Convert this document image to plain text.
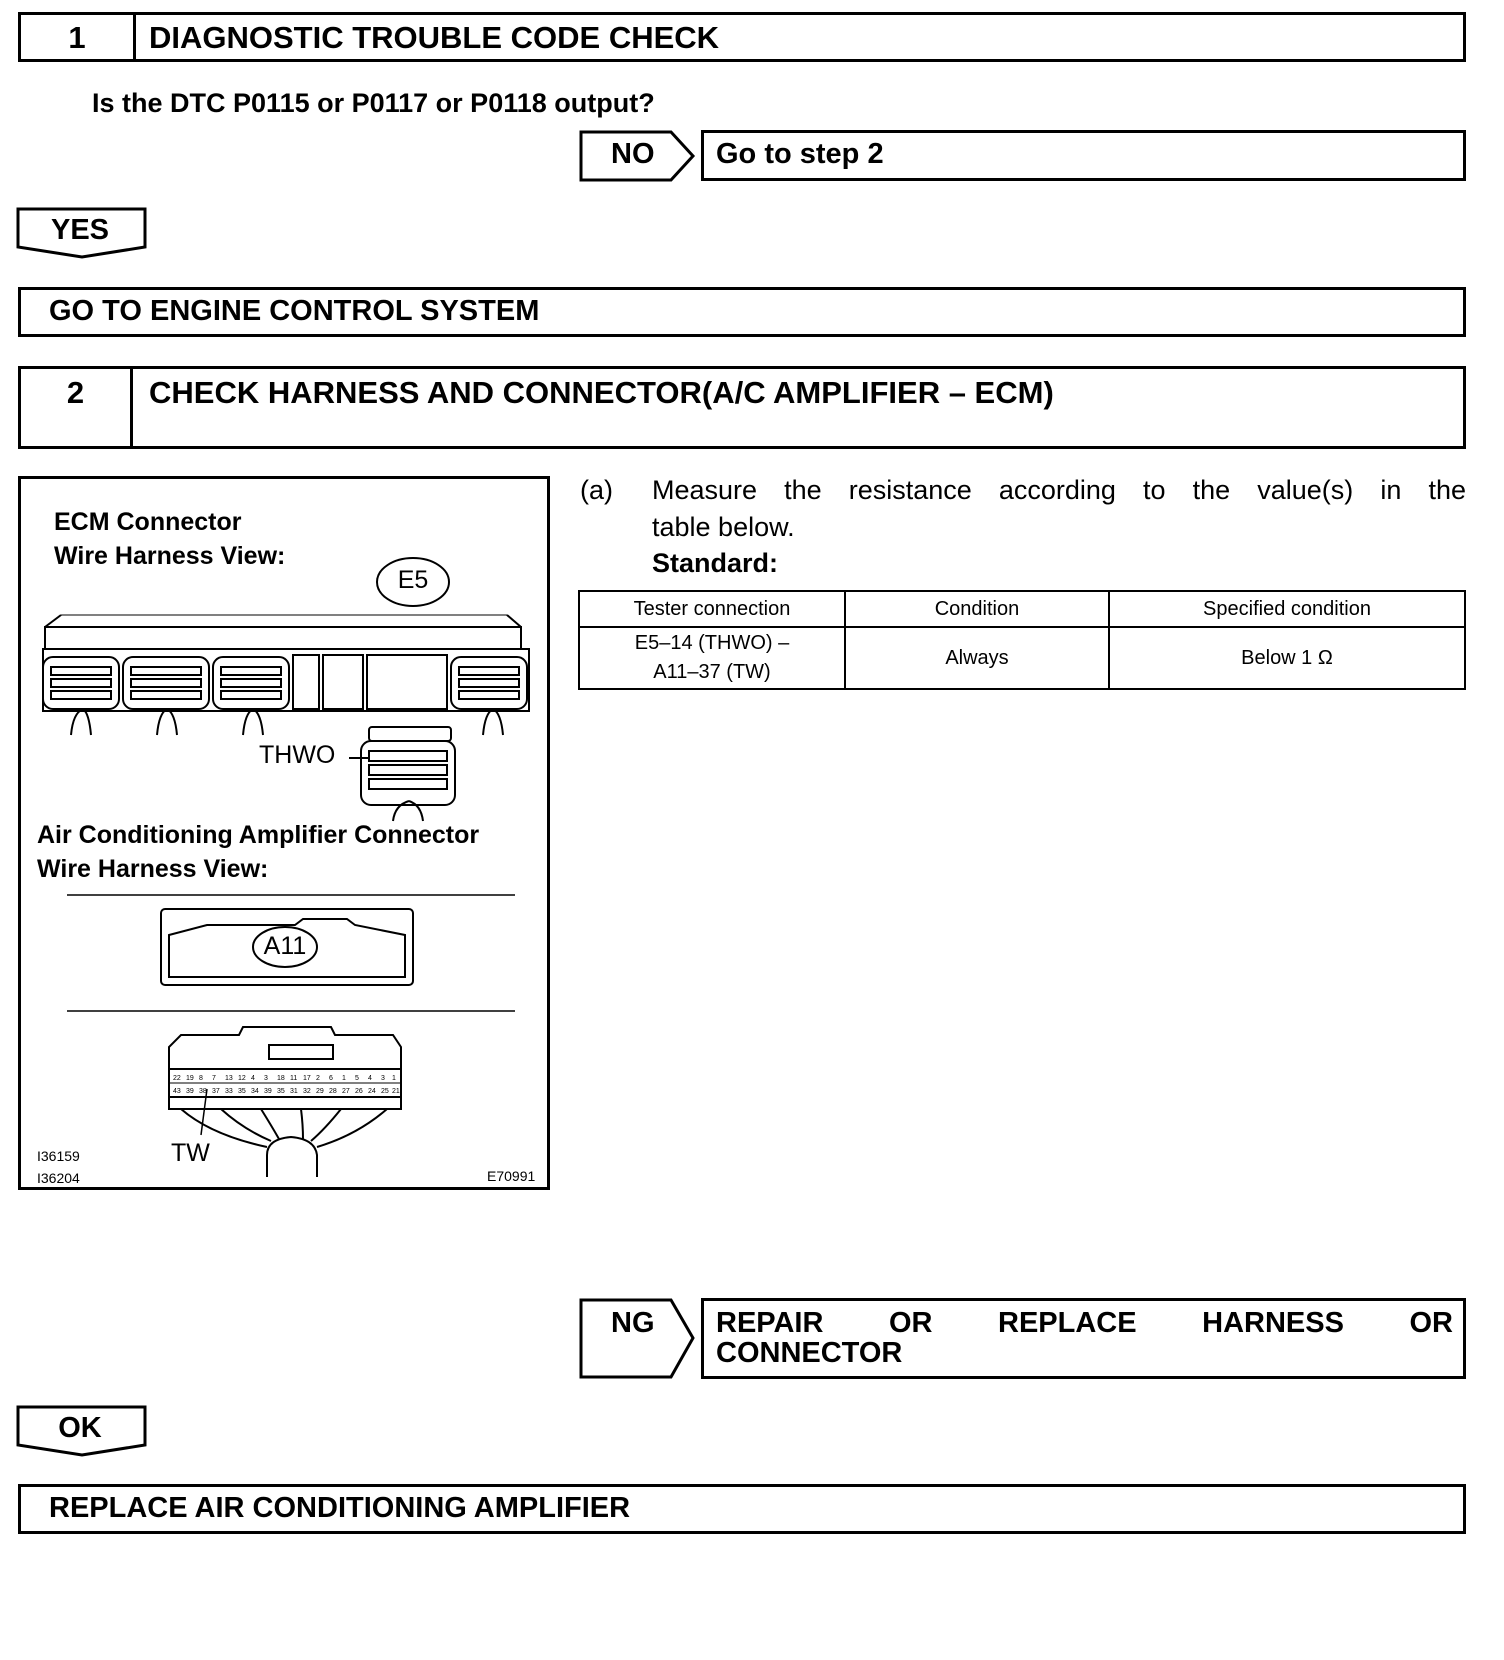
1	DIAGNOSTIC TROUBLE CODE CHECK
Is the DTC P0115 or P0117 or P0118 output?
NO Go to step 2
YES
GO TO ENGINE CONTROL SYSTEM
2	CHECK HARNESS AND CONNECTOR(A/C AMPLIFIER – ECM)
22 19 8 7 13 12 4 3 18 11 17 2 6 1 5 4 3 1
43 39 38 37 33 35 34 39 35 31 32 29 28 27 26 24 25 21
ECM Connector
Wire Harness View:
E5
THWO
Air Conditioning Amplifier Connector
Wire Harness View:
A11
TW
I36159
I36204	E70991
(a) Measure the resistance according to the value(s) in the
table below.
Standard:
Tester connection	Condition	Specified condition
E5–14 (THWO) –
A11–37 (TW)	Always	Below 1 Ω
NG REPAIR OR REPLACE HARNESS OR
CONNECTOR
OK
REPLACE AIR CONDITIONING AMPLIFIER
